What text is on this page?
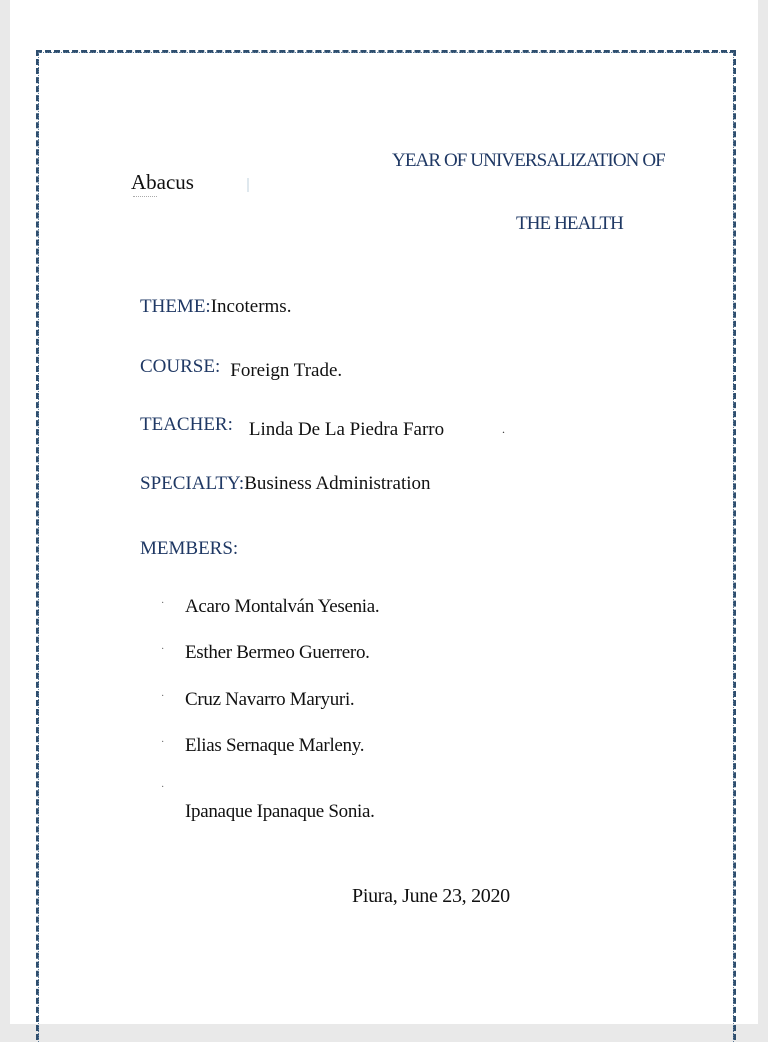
Abacus
YEAR OF UNIVERSALIZATION OF
THE HEALTH
THEME:Incoterms.
COURSE: Foreign Trade.
TEACHER: Linda De La Piedra Farro	.
SPECIALTY:Business Administration
MEMBERS:
· Acaro Montalván Yesenia.
· Esther Bermeo Guerrero.
· Cruz Navarro Maryuri.
· Elias Sernaque Marleny.
·
Ipanaque Ipanaque Sonia.
Piura, June 23, 2020
